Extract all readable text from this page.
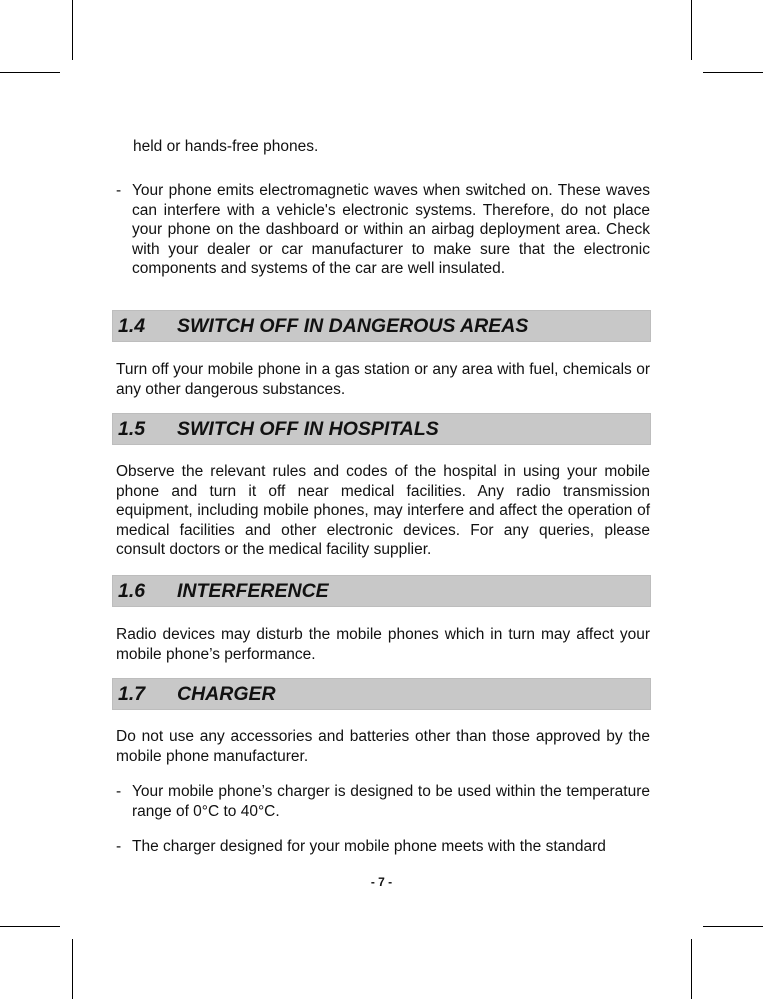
held or hands-free phones.

- Your phone emits electromagnetic waves when switched on. These waves can interfere with a vehicle's electronic systems. Therefore, do not place your phone on the dashboard or within an airbag deployment area. Check with your dealer or car manufacturer to make sure that the electronic components and systems of the car are well insulated.
1.4 SWITCH OFF IN DANGEROUS AREAS

Turn off your mobile phone in a gas station or any area with fuel, chemicals or any other dangerous substances.

1.5 SWITCH OFF IN HOSPITALS

Observe the relevant rules and codes of the hospital in using your mobile phone and turn it off near medical facilities. Any radio transmission equipment, including mobile phones, may interfere and affect the operation of medical facilities and other electronic devices. For any queries, please consult doctors or the medical facility supplier.

1.6 INTERFERENCE

Radio devices may disturb the mobile phones which in turn may affect your mobile phone’s performance.

1.7 CHARGER

Do not use any accessories and batteries other than those approved by the mobile phone manufacturer.

- Your mobile phone’s charger is designed to be used within the temperature range of 0°C to 40°C.
- The charger designed for your mobile phone meets with the standard
- 7 -
